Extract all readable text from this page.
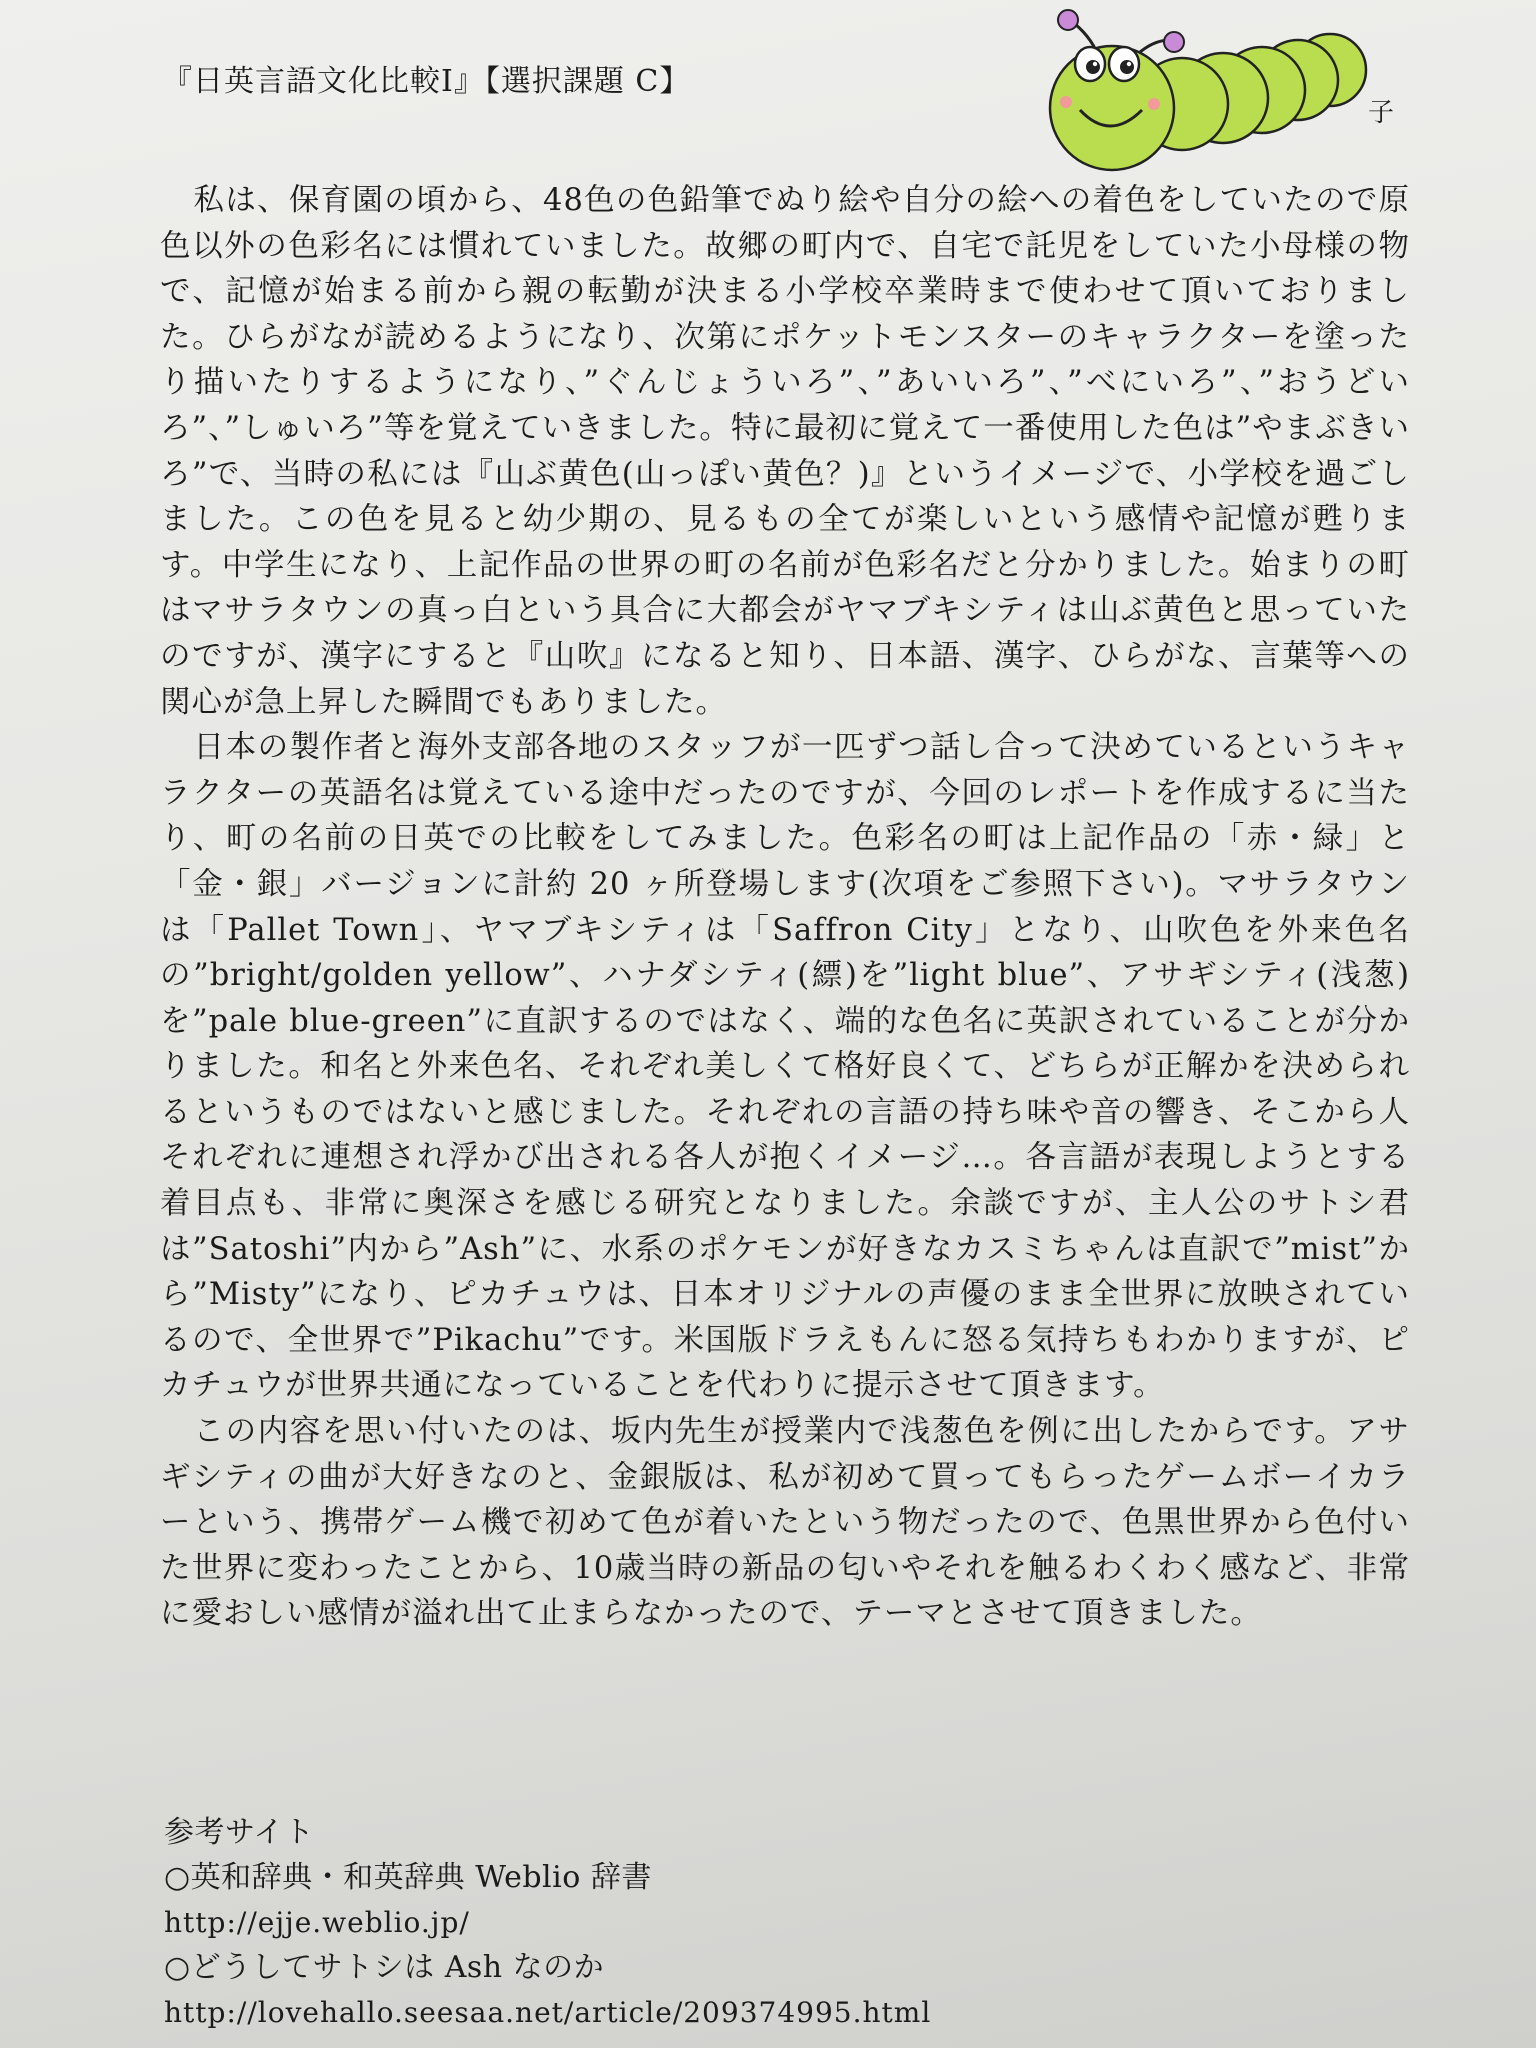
『日英言語文化比較Ⅰ』【選択課題 C】
子

私は、保育園の頃から、48色の色鉛筆でぬり絵や自分の絵への着色をしていたので原色以外の色彩名には慣れていました。故郷の町内で、自宅で託児をしていた小母様の物で、記憶が始まる前から親の転勤が決まる小学校卒業時まで使わせて頂いておりました。ひらがなが読めるようになり、次第にポケットモンスターのキャラクターを塗ったり描いたりするようになり、”ぐんじょういろ”、”あいいろ”、”べにいろ”、”おうどいろ”、”しゅいろ”等を覚えていきました。特に最初に覚えて一番使用した色は”やまぶきいろ”で、当時の私には『山ぶ黄色(山っぽい黄色？)』というイメージで、小学校を過ごしました。この色を見ると幼少期の、見るもの全てが楽しいという感情や記憶が甦ります。中学生になり、上記作品の世界の町の名前が色彩名だと分かりました。始まりの町はマサラタウンの真っ白という具合に大都会がヤマブキシティは山ぶ黄色と思っていたのですが、漢字にすると『山吹』になると知り、日本語、漢字、ひらがな、言葉等への関心が急上昇した瞬間でもありました。

日本の製作者と海外支部各地のスタッフが一匹ずつ話し合って決めているというキャラクターの英語名は覚えている途中だったのですが、今回のレポートを作成するに当たり、町の名前の日英での比較をしてみました。色彩名の町は上記作品の「赤・緑」と「金・銀」バージョンに計約 20 ヶ所登場します(次項をご参照下さい)。マサラタウンは「Pallet Town」、ヤマブキシティは「Saffron City」となり、山吹色を外来色名の”bright/golden yellow”、ハナダシティ(縹)を”light blue”、アサギシティ(浅葱)を”pale blue-green”に直訳するのではなく、端的な色名に英訳されていることが分かりました。和名と外来色名、それぞれ美しくて格好良くて、どちらが正解かを決められるというものではないと感じました。それぞれの言語の持ち味や音の響き、そこから人それぞれに連想され浮かび出される各人が抱くイメージ…。各言語が表現しようとする着目点も、非常に奥深さを感じる研究となりました。余談ですが、主人公のサトシ君は”Satoshi”内から”Ash”に、水系のポケモンが好きなカスミちゃんは直訳で”mist”から”Misty”になり、ピカチュウは、日本オリジナルの声優のまま全世界に放映されているので、全世界で”Pikachu”です。米国版ドラえもんに怒る気持ちもわかりますが、ピカチュウが世界共通になっていることを代わりに提示させて頂きます。

この内容を思い付いたのは、坂内先生が授業内で浅葱色を例に出したからです。アサギシティの曲が大好きなのと、金銀版は、私が初めて買ってもらったゲームボーイカラーという、携帯ゲーム機で初めて色が着いたという物だったので、色黒世界から色付いた世界に変わったことから、10歳当時の新品の匂いやそれを触るわくわく感など、非常に愛おしい感情が溢れ出て止まらなかったので、テーマとさせて頂きました。

参考サイト
○英和辞典・和英辞典 Weblio 辞書
http://ejje.weblio.jp/
○どうしてサトシは Ash なのか
http://lovehallo.seesaa.net/article/209374995.html
